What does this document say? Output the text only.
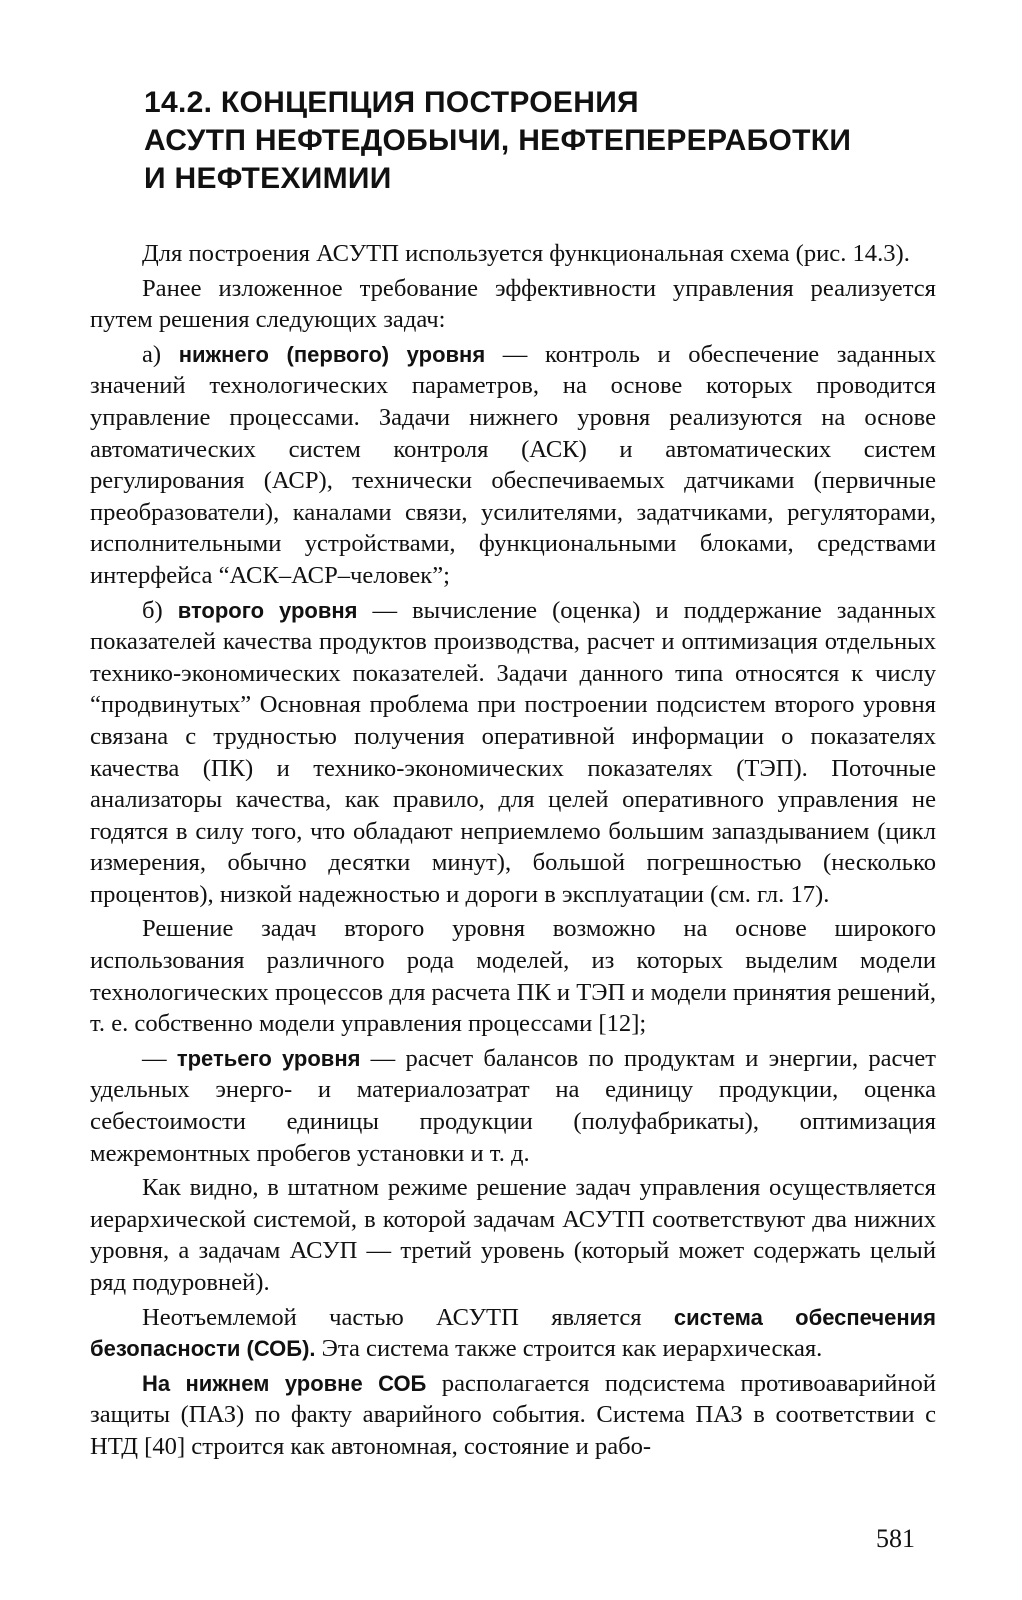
14.2. КОНЦЕПЦИЯ ПОСТРОЕНИЯ
АСУТП НЕФТЕДОБЫЧИ, НЕФТЕПЕРЕРАБОТКИ
И НЕФТЕХИМИИ

Для построения АСУТП используется функциональная схема (рис. 14.3).

Ранее изложенное требование эффективности управления реализуется путем решения следующих задач:

а) нижнего (первого) уровня — контроль и обеспечение заданных значений технологических параметров, на основе которых проводится управление процессами. Задачи нижнего уровня реализуются на основе автоматических систем контроля (АСК) и автоматических систем регулирования (АСР), технически обеспечиваемых датчиками (первичные преобразователи), каналами связи, усилителями, задатчиками, регуляторами, исполнительными устройствами, функциональными блоками, средствами интерфейса “АСК–АСР–человек”;

б) второго уровня — вычисление (оценка) и поддержание заданных показателей качества продуктов производства, расчет и оптимизация отдельных технико-экономических показателей. Задачи данного типа относятся к числу “продвинутых” Основная проблема при построении подсистем второго уровня связана с трудностью получения оперативной информации о показателях качества (ПК) и технико-экономических показателях (ТЭП). Поточные анализаторы качества, как правило, для целей оперативного управления не годятся в силу того, что обладают неприемлемо большим запаздыванием (цикл измерения, обычно десятки минут), большой погрешностью (несколько процентов), низкой надежностью и дороги в эксплуатации (см. гл. 17).

Решение задач второго уровня возможно на основе широкого использования различного рода моделей, из которых выделим модели технологических процессов для расчета ПК и ТЭП и модели принятия решений, т. е. собственно модели управления процессами [12];

— третьего уровня — расчет балансов по продуктам и энергии, расчет удельных энерго- и материалозатрат на единицу продукции, оценка себестоимости единицы продукции (полуфабрикаты), оптимизация межремонтных пробегов установки и т. д.

Как видно, в штатном режиме решение задач управления осуществляется иерархической системой, в которой задачам АСУТП соответствуют два нижних уровня, а задачам АСУП — третий уровень (который может содержать целый ряд подуровней).

Неотъемлемой частью АСУТП является система обеспечения безопасности (СОБ). Эта система также строится как иерархическая.

На нижнем уровне СОБ располагается подсистема противоаварийной защиты (ПАЗ) по факту аварийного события. Система ПАЗ в соответствии с НТД [40] строится как автономная, состояние и рабо-

581
